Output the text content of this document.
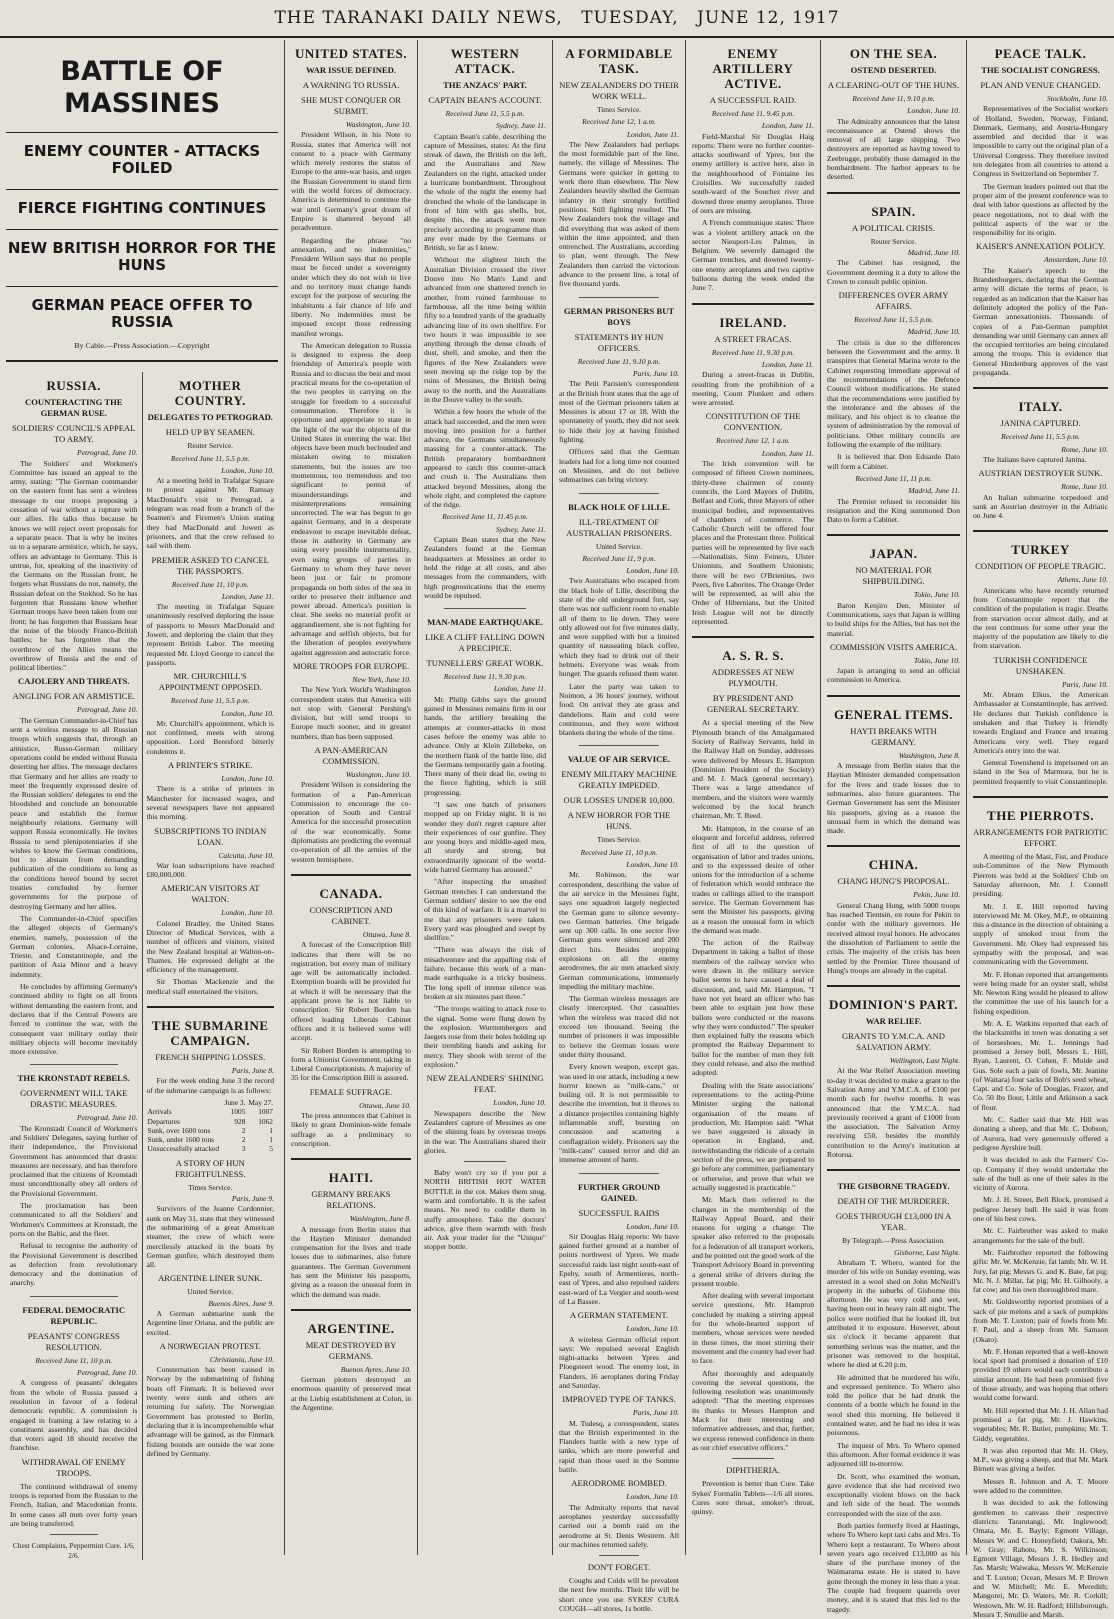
THE TARANAKI DAILY NEWS, TUESDAY, JUNE 12, 1917
BATTLE OF MASSINES
ENEMY COUNTER - ATTACKS FOILED
FIERCE FIGHTING CONTINUES
NEW BRITISH HORROR FOR THE HUNS
GERMAN PEACE OFFER TO RUSSIA
By Cable.—Press Association.—Copyright
RUSSIA.
COUNTERACTING THE GERMAN RUSE.
SOLDIERS' COUNCIL'S APPEAL TO ARMY.
Petrograd, June 10.

The Soldiers' and Workmen's Committee has issued an appeal to the army, stating: "The German commander on the eastern front has sent a wireless message to our troops proposing a cessation of war without a rupture with our allies. He talks thus because he knows we will reject overt proposals for a separate peace. That is why he invites us to a separate armistice, which, he says, offers an advantage to Germany. This is untrue, for, speaking of the inactivity of the Germans on the Russian front, he forgets what Russians do not, namely, the Russian defeat on the Stokhod. So he has forgotten that Russians know whether German troops have been taken from our front; he has forgotten that Russians hear the noise of the bloody Franco-British battles; he has forgotten that the overthrow of the Allies means the overthrow of Russia and the end of political liberties."

CAJOLERY AND THREATS.
ANGLING FOR AN ARMISTICE.
Petrograd, June 10.

The German Commander-in-Chief has sent a wireless message to all Russian troops which suggests that, through an armistice, Russo-German military operations could be ended without Russia deserting her allies. The message declares that Germany and her allies are ready to meet the frequently expressed desire of the Russian soldiers' delegates to end the bloodshed and conclude an honourable peace and establish the former neighbourly relations. Germany will support Russia economically. He invites Russia to send plenipotentiaries if she wishes to know the German conditions, but to abstain from demanding publication of the conditions so long as the conditions hereof bound by secret treaties concluded by former governments for the purpose of destroying Germany and her allies.

The Commander-in-Chief specifies the alleged objects of Germany's enemies, namely, possession of the German colonies, Alsace-Lorraine, Trieste, and Constantinople, and the partition of Asia Minor and a heavy indemnity.

He concludes by affirming Germany's continued ability to fight on all fronts without demanding the eastern front, and declares that if the Central Powers are forced to continue the war, with the consequent vast military outlay their military objects will become inevitably more extensive.

THE KRONSTADT REBELS.
GOVERNMENT WILL TAKE DRASTIC MEASURES.
Petrograd, June 10.

The Kronstadt Council of Workmen's and Soldiers' Delegates, saying further of their independence, the Provisional Government has announced that drastic measures are necessary, and has therefore proclaimed that the citizens of Kronstadt must unconditionally obey all orders of the Provisional Government.

The proclamation has been communicated to all the Soldiers' and Workmen's Committees at Kronstadt, the ports on the Baltic, and the fleet.

Refusal to recognise the authority of the Provisional Government is described as defection from revolutionary democracy and the domination of anarchy.

FEDERAL DEMOCRATIC REPUBLIC.
PEASANTS' CONGRESS RESOLUTION.
Received June 11, 10 p.m.
Petrograd, June 10.

A congress of peasants' delegates from the whole of Russia passed a resolution in favour of a federal democratic republic. A commission is engaged in framing a law relating to a constituent assembly, and has decided that voters aged 18 should receive the franchise.

WITHDRAWAL OF ENEMY TROOPS.

The continued withdrawal of enemy troops is reported from the Russian to the French, Italian, and Macedonian fronts. In some cases all men over forty years are being transferred.

Chest Complaints, Peppermint Cure. 1/6, 2/6.
MOTHER COUNTRY.
DELEGATES TO PETROGRAD.
HELD UP BY SEAMEN.
Reuter Service.
Received June 11, 5.5 p.m.
London, June 10.

At a meeting held in Trafalgar Square to protest against Mr. Ramsay MacDonald's visit to Petrograd, a telegram was read from a branch of the Seamen's and Firemen's Union stating they had MacDonald and Jowett as prisoners, and that the crew refused to sail with them.

PREMIER ASKED TO CANCEL THE PASSPORTS.
Received June 11, 10 p.m.
London, June 11.

The meeting in Trafalgar Square unanimously resolved deploring the issue of passports to Messrs MacDonald and Jowett, and deploring the claim that they represent British Labor. The meeting requested Mr. Lloyd George to cancel the passports.

MR. CHURCHILL'S APPOINTMENT OPPOSED.
Received June 11, 5.5 p.m.
London, June 10.

Mr. Churchill's appointment, which is not confirmed, meets with strong opposition. Lord Beresford bitterly condemns it.

A PRINTER'S STRIKE.
London, June 10.

There is a strike of printers in Manchester for increased wages, and several newspapers have not appeared this morning.

SUBSCRIPTIONS TO INDIAN LOAN.
Calcutta, June 10.

War loan subscriptions have reached £80,000,000.

AMERICAN VISITORS AT WALTON.
London, June 10.

Colonel Bradley, the United States Director of Medical Services, with a number of officers and visitors, visited the New Zealand hospital at Walton-on-Thames. He expressed delight at the efficiency of the management.

Sir Thomas Mackenzie and the medical staff entertained the visitors.

THE SUBMARINE CAMPAIGN.
FRENCH SHIPPING LOSSES.
Paris, June 8.

For the week ending June 3 the record of the submarine campaign is as follows:

	June 3.	May 27.
Arrivals	1005	1007
Departures	928	1062
Sunk, over 1600 tons	2	1
Sunk, under 1600 tons	2	1
Unsuccessfully attacked	3	5
A STORY OF HUN FRIGHTFULNESS.
Times Service.
Paris, June 9.

Survivors of the Jeanne Cordonnier, sunk on May 31, state that they witnessed the submarining of a great American steamer, the crew of which were mercilessly attacked in the boats by German gunfire, which destroyed them all.

ARGENTINE LINER SUNK.
United Service.
Buenos Aires, June 9.

A German submarine sunk the Argentine liner Oriana, and the public are excited.

A NORWEGIAN PROTEST.
Christiania, June 10.

Consternation has been caused in Norway by the submarining of fishing boats off Finmark. It is believed over twenty were sunk and others are returning for safety. The Norwegian Government has protested to Berlin, declaring that it is incomprehensible what advantage will be gained, as the Finmark fishing bounds are outside the war zone defined by Germany.

UNITED STATES.
WAR ISSUE DEFINED.
A WARNING TO RUSSIA.
SHE MUST CONQUER OR SUBMIT.
Washington, June 10.

President Wilson, in his Note to Russia, states that America will not consent to a peace with Germany which merely restores the status of Europe to the ante-war basis, and urges the Russian Government to stand firm with the world forces of democracy. America is determined to continue the war until Germany's great dream of Empire is shattered beyond all peradventure.

Regarding the phrase "no annexation, and no indemnities," President Wilson says that no people must be forced under a sovereignty under which they do not wish to live and no territory must change hands except for the purpose of securing the inhabitants a fair chance of life and liberty. No indemnities must be imposed except those redressing manifest wrongs.

The American delegation to Russia is designed to express the deep friendship of America's people with Russia and to discuss the best and most practical means for the co-operation of the two peoples in carrying on the struggle for freedom to a successful consummation. Therefore it is opportune and appropriate to state in the light of the war the objects of the United States in entering the war. Her objects have been much beclouded and mistaken owing to mistaken statements, but the issues are too momentous, too tremendous and too significant to permit of misunderstandings and misinterpretations remaining uncorrected. The war has begun to go against Germany, and in a desperate endeavour to escape inevitable defeat, those in authority in Germany are using every possible instrumentality, even using groups of parties in Germany to whom they have never been just or fair to promote propaganda on both sides of the sea in order to preserve their influence and power abroad. America's position is clear. She seeks no material profit or aggrandisement, she is not fighting for advantage and selfish objects, but for the liberation of peoples everywhere against aggression and autocratic force.

MORE TROOPS FOR EUROPE.
New York, June 10.

The New York World's Washington correspondent states that America will not stop with General Pershing's division, but will send troops to Europe much sooner, and in greater numbers, than has been supposed.

A PAN-AMERICAN COMMISSION.
Washington, June 10.

President Wilson is considering the formation of a Pan-American Commission to encourage the co-operation of South and Central America for the successful prosecution of the war economically. Some diplomatists are predicting the eventual co-operation of all the armies of the western hemisphere.

CANADA.
CONSCRIPTION AND CABINET.
Ottawa, June 8.

A forecast of the Conscription Bill indicates that there will be no registration, but every man of military age will be automatically included. Exemption boards will be provided for at which it will be necessary that the applicant prove he is not liable to conscription. Sir Robert Borden has offered leading Liberals Cabinet offices and it is believed some will accept.

Sir Robert Borden is attempting to form a Unionist Government, taking in Liberal Conscriptionists. A majority of 35 for the Conscription Bill is assured.

FEMALE SUFFRAGE.
Ottawa, June 10.

The press announces that Cabinet is likely to grant Dominion-wide female suffrage as a preliminary to conscription.

HAITI.
GERMANY BREAKS RELATIONS.
Washington, June 8.

A message from Berlin states that the Haytien Minister demanded compensation for the lives and trade losses due to submarines, also future guarantees. The German Government has sent the Minister his passports, giving as a reason the unusual form in which the demand was made.

ARGENTINE.
MEAT DESTROYED BY GERMANS.
Buenos Ayres, June 10.

German plotters destroyed an enormous quantity of preserved meat at the Liebig establishment at Colon, in the Argentine.

WESTERN ATTACK.
THE ANZACS' PART.
CAPTAIN BEAN'S ACCOUNT.
Received June 11, 5.5 p.m.
Sydney, June 11.

Captain Bean's cable, describing the capture of Messines, states: At the first streak of dawn, the British on the left, and the Australians and New Zealanders on the right, attacked under a hurricane bombardment. Throughout the whole of the night the enemy had drenched the whole of the landscape in front of him with gas shells, but, despite this, the attack went more precisely according to programme than any ever made by the Germans or British, so far as I know.

Without the slightest hitch the Australian Division crossed the river Douve into No Man's Land and advanced from one shattered trench to another, from ruined farmhouse to farmhouse, all the time being within fifty to a hundred yards of the gradually advancing line of its own shellfire. For two hours it was impossible to see anything through the dense clouds of dust, shell, and smoke, and then the figures of the New Zealanders were seen moving up the ridge top by the ruins of Messines, the British being away to the north, and the Australians in the Douve valley to the south.

Within a few hours the whole of the attack had succeeded, and the men were moving into position for a further advance, the Germans simultaneously massing for a counter-attack. The British preparatory bombardment appeared to catch this counter-attack and crush it. The Australians then attacked beyond Messines, along the whole right, and completed the capture of the ridge.

Received June 11, 11.45 p.m.
Sydney, June 11.

Captain Bean states that the New Zealanders found at the German headquarters at Messines an order to hold the ridge at all costs, and also messages from the commanders, with high prognostications that the enemy would be repulsed.

MAN-MADE EARTHQUAKE.
LIKE A CLIFF FALLING DOWN A PRECIPICE.
TUNNELLERS' GREAT WORK.
Received June 11, 9.30 p.m.
London, June 11.

Mr. Philip Gibbs says the ground gained in Messines remains firm in our hands, the artillery breaking the attempts at counter-attacks in most cases before the enemy was able to advance. Only at Klein Zillebeke, on the northern flank of the battle line, did the Germans temporarily gain a footing. There many of their dead lie, owing to the fierce fighting, which is still progressing.

"I saw one batch of prisoners mopped up on Friday night. It is no wonder they don't regret capture after their experiences of our gunfire. They are young boys and middle-aged men, all sturdy and strong, but extraordinarily ignorant of the world-wide hatred Germany has aroused."

"After inspecting the smashed German trenches I can understand the German soldiers' desire to see the end of this kind of warfare. It is a marvel to me that any prisoners were taken. Every yard was ploughed and swept by shellfire."

"There was always the risk of misadventure and the appalling risk of failure, because this work of a man-made earthquake is a tricky business. The long spell of intense silence was broken at six minutes past three."

"The troops waiting to attack rose to the signal. Some were flung down by the explosion. Wurttembergers and Jaegers rose from their holes holding up their trembling hands and asking for mercy. They shook with terror of the explosion."

NEW ZEALANDERS' SHINING FEAT.
London, June 10.

Newspapers describe the New Zealanders' capture of Messines as one of the shining feats by overseas troops in the war. The Australians shared their glories.

Baby won't cry so if you put a NORTH BRITISH HOT WATER BOTTLE in the cot. Makes them snug, warm and comfortable. It is the safest means. No need to coddle them in stuffy atmosphere. Take the doctors' advice, give them warmth with fresh air. Ask your trader for the "Unique" stopper bottle.

A FORMIDABLE TASK.
NEW ZEALANDERS DO THEIR WORK WELL.
Times Service.
Received June 12, 1 a.m.
London, June 11.

The New Zealanders had perhaps the most formidable part of the line, namely, the village of Messines. The Germans were quicker in getting to work there than elsewhere. The New Zealanders heavily shelled the German infantry in their strongly fortified positions. Still fighting resulted. The New Zealanders took the village and did everything that was asked of them within the time appointed, and then entrenched. The Australians, according to plan, went through. The New Zealanders then carried the victorious advance to the present line, a total of five thousand yards.

GERMAN PRISONERS BUT BOYS
STATEMENTS BY HUN OFFICERS.
Received June 11, 9.10 p.m.
Paris, June 10.

The Petit Parisien's correspondent at the British front states that the age of most of the German prisoners taken at Messines is about 17 or 18. With the spontaneity of youth, they did not seek to hide their joy at having finished fighting.

Officers said that the German leaders had for a long time not counted on Messines, and do not believe submarines can bring victory.

BLACK HOLE OF LILLE.
ILL-TREATMENT OF AUSTRALIAN PRISONERS.
United Service.
Received June 11, 9 p.m.
London, June 10.

Two Australians who escaped from the black hole of Lille, describing the state of the old underground fort, say there was not sufficient room to enable all of them to lie down. They were only allowed out for five minutes daily, and were supplied with but a limited quantity of nauseating black coffee, which they had to drink out of their helmets. Everyone was weak from hunger. The guards refused them water.

Later the party was taken to Noimon, a 36 hours' journey, without food. On arrival they ate grass and dandelions. Rain and cold were continuous, and they were without blankets during the whole of the time.

VALUE OF AIR SERVICE.
ENEMY MILITARY MACHINE GREATLY IMPEDED.
OUR LOSSES UNDER 10,000.
A NEW HORROR FOR THE HUNS.
Times Service.
Received June 11, 10 p.m.
London, June 10.

Mr. Robinson, the war correspondent, describing the value of the air service in the Messines fight, says one squadron largely neglected the German guns to silence seventy-two German batteries. One brigade sent up 300 calls. In one sector five German guns were silenced and 200 direct hits. Besides stopping explosions on all the enemy aerodromes, the air men attacked sixty German communications, immensely impeding the military machine.

The German wireless messages are clearly intercepted. Our casualties when the wireless was traced did not exceed ten thousand. Seeing the number of prisoners it was impossible to believe the German losses were under thirty thousand.

Every known weapon, except gas, was used in our attack, including a new horror known as "milk-cans," or boiling oil. It is not permissible to describe the invention, but it throws to a distance projectiles containing highly inflammable stuff, bursting on concussion and scattering a conflagration widely. Prisoners say the "milk-cans" caused terror and did an immense amount of harm.

FURTHER GROUND GAINED.
SUCCESSFUL RAIDS
London, June 10.

Sir Douglas Haig reports: We have gained further ground at a number of points northwest of Ypres. We made successful raids last night south-east of Epehy, south of Armentieres, north-east of Ypres, and also repulsed raiders east-ward of La Vergier and south-west of La Bassee.

A GERMAN STATEMENT.
London, June 10.

A wireless German official report says: We repulsed several English night-attacks between Ypres and Ploegsteert wood. The enemy lost, in Flanders, 16 aeroplanes during Friday and Saturday.

IMPROVED TYPE OF TANKS.
Paris, June 10.

M. Tudesq, a correspondent, states that the British experimented in the Flanders battle with a new type of tanks, which are more powerful and rapid than those used in the Somme battle.

AERODROME BOMBED.
London, June 10.

The Admiralty reports that naval aeroplanes yesterday successfully carried out a bomb raid on the aerodrome at St. Denis Westrem. All our machines returned safely.

DON'T FORGET.

Coughs and Colds will be prevalent the next few months. Their life will be short once you use SYKES' CURA COUGH—all stores, 1s bottle.

ENEMY ARTILLERY ACTIVE.
A SUCCESSFUL RAID.
Received June 11, 9.45 p.m.
London, June 11.

Field-Marshal Sir Douglas Haig reports: There were no further counter-attacks southward of Ypres, but the enemy artillery is active here, also in the neighbourhood of Fontaine les Croisilles. We successfully raided south-ward of the Souchez river and downed three enemy aeroplanes. Three of ours are missing.

A French communique states: There was a violent artillery attack on the sector Nieuport-Les Palmes, in Belgium. We severely damaged the German trenches, and downed twenty-one enemy aeroplanes and two captive balloons during the week ended the June 7.

IRELAND.
A STREET FRACAS.
Received June 11, 9.30 p.m.
London, June 11.

During a street-fracas in Dublin, resulting from the prohibition of a meeting, Count Plunkett and others were arrested.

CONSTITUTION OF THE CONVENTION.
Received June 12, 1 a.m.
London, June 11.

The Irish convention will be composed of fifteen Crown nominees, thirty-three chairmen of county councils, the Lord Mayors of Dublin, Belfast and Cork, three Mayors of other municipal bodies, and representatives of chambers of commerce. The Catholic Church will be offered four places and the Protestant three. Political parties will be represented by five each—Nationalists, Sinn Feiners, Ulster Unionists, and Southern Unionists; there will be two O'Brienites, two Peers, five Laborites. The Orange Order will be represented, as will also the Order of Hibernians, but the United Irish League will not be directly represented.

A. S. R. S.
ADDRESSES AT NEW PLYMOUTH.
BY PRESIDENT AND GENERAL SECRETARY.

At a special meeting of the New Plymouth branch of the Amalgamated Society of Railway Servants, held in the Railway Hall on Sunday, addresses were delivered by Messrs E. Hampton (Dominion President of the Society) and M. J. Mack (general secretary). There was a large attendance of members, and the visitors were warmly welcomed by the local branch chairman, Mr. T. Reed.

Mr. Hampton, in the course of an eloquent and forceful address, referred first of all to the question of organisation of labor and trades unions, and to the expressed desire of other unions for the introduction of a scheme of federation which would embrace the trades or callings allied to the transport service. The German Government has sent the Minister his passports, giving as a reason the unusual form in which the demand was made.

The action of the Railway Department in taking a ballot of those members of the railway service who were drawn in the military service ballot seems to have caused a deal of discussion, and, said Mr. Hampton, "I have not yet heard an officer who has been able to explain just how these ballots were conducted or the reasons why they were conducted." The speaker then explained fully the reasons which prompted the Railway Department to ballot for the number of men they felt they could release, and also the method adopted.

Dealing with the State associations' representations to the acting-Prime Minister urging the national organisation of the means of production, Mr. Hampton said: "What we have suggested is already in operation in England, and, notwithstanding the ridicule of a certain section of the press, we are prepared to go before any committee, parliamentary or otherwise, and prove that what we actually suggested is practicable."

Mr. Mack then referred to the changes in the membership of the Railway Appeal Board, and their reasons for urging a change. The speaker also referred to the proposals for a federation of all transport workers, and he pointed out the good work of the Transport Advisory Board in preventing a general strike of drivers during the present trouble.

After dealing with several important service questions, Mr. Hampton concluded by making a stirring appeal for the whole-hearted support of members, whose services were needed in these times, the most stirring their movement and the country had ever had to face.

After thoroughly and adequately covering the several questions, the following resolution was unanimously adopted: "That the meeting expresses its thanks to Messrs Hampton and Mack for their interesting and informative addresses, and that, further, we express renewed confidence in them as our chief executive officers."

DIPHTHERIA.

Prevention is better than Cure. Take Sykes' Formalin Tablets—1/6 all stores. Cures sore throat, smoker's throat, quinsy.

ON THE SEA.
OSTEND DESERTED.
A CLEARING-OUT OF THE HUNS.
Received June 11, 9.10 p.m.
London, June 10.

The Admiralty announces that the latest reconnaissance at Ostend shows the removal of all large shipping. Two destroyers are reported as having towed to Zeebrugge, probably those damaged in the bombardment. The harbor appears to be deserted.

SPAIN.
A POLITICAL CRISIS.
Reuter Service.
Madrid, June 10.

The Cabinet has resigned, the Government deeming it a duty to allow the Crown to consult public opinion.

DIFFERENCES OVER ARMY AFFAIRS.
Received June 11, 5.5 p.m.
Madrid, June 10.

The crisis is due to the differences between the Government and the army. It transpires that General Marina wrote to the Cabinet requesting immediate approval of the recommendations of the Defence Council without modifications. He stated that the recommendations were justified by the intolerance and the abuses of the military, and his object is to cleanse the system of administration by the removal of politicians. Other military councils are following the example of the military.

It is believed that Don Eduardo Dato will form a Cabinet.

Received June 11, 11 p.m.
Madrid, June 11.

The Premier refused to reconsider his resignation and the King summoned Don Dato to form a Cabinet.

JAPAN.
NO MATERIAL FOR SHIPBUILDING.
Tokio, June 10.

Baron Kenjiro Den, Minister of Communications, says that Japan is willing to build ships for the Allies, but has not the material.

COMMISSION VISITS AMERICA.
Tokio, June 10.

Japan is arranging to send an official commission to America.

GENERAL ITEMS.
HAYTI BREAKS WITH GERMANY.
Washington, June 8.

A message from Berlin states that the Haytian Minister demanded compensation for the lives and trade losses due to submarines, also future guarantees. The German Government has sent the Minister his passports, giving as a reason the unusual form in which the demand was made.

CHINA.
CHANG HUNG'S PROPOSAL.
Pekin, June 10.

General Chang Hung, with 5000 troops has reached Tientsin, en route for Pekin to confer with the military governors. He received almost royal honors. He advocates the dissolution of Parliament to settle the crisis. The majority of the crisis has been settled by the Premier. Three thousand of Hung's troops are already in the capital.

DOMINION'S PART.
WAR RELIEF.
GRANTS TO Y.M.C.A. AND SALVATION ARMY.
Wellington, Last Night.

At the War Relief Association meeting to-day it was decided to make a grant to the Salvation Army and Y.M.C.A. of £100 per month each for twelve months. It was announced that the Y.M.C.A. had previously received a grant of £1000 from the association. The Salvation Army receiving £50, besides the monthly contribution to the Army's institution at Rotorua.

THE GISBORNE TRAGEDY.
DEATH OF THE MURDERER.
GOES THROUGH £13,000 IN A YEAR.
By Telegraph.—Press Association.
Gisborne, Last Night.

Abraham T. Whero, wanted for the murder of his wife on Sunday evening, was arrested in a wool shed on John McNeill's property in the suburbs of Gisborne this afternoon. He was very cold and wet, having been out in heavy rain all night. The police were notified that he looked ill, but attributed it to exposure. However, about six o'clock it became apparent that something serious was the matter, and the prisoner was removed to the hospital, where he died at 6.20 p.m.

He admitted that he murdered his wife, and expressed penitence. To Whero also told the police that he had drunk the contents of a bottle which he found in the wool shed this morning. He believed it contained water, and he had no idea it was poisonous.

The inquest of Mrs. To Whero opened this afternoon. After formal evidence it was adjourned till to-morrow.

Dr. Scott, who examined the woman, gave evidence that she had received two exceptionally violent blows on the back and left side of the head. The wounds corresponded with the size of the axe.

Both parties formerly lived at Hastings, where To Whero kept taxi cabs and Mrs. To Whero kept a restaurant. To Whero about seven years ago received £13,000 as his share of the purchase money of the Waimarama estate. He is stated to have gone through the money in less than a year. The couple had frequent quarrels over money, and it is stated that this led to the tragedy.

PEACE TALK.
THE SOCIALIST CONGRESS.
PLAN AND VENUE CHANGED.
Stockholm, June 10.

Representatives of the Socialist workers of Holland, Sweden, Norway, Finland, Denmark, Germany, and Austria-Hungary assembled and decided that it was impossible to carry out the original plan of a Universal Congress. They therefore invited ten delegates from all countries to attend a Congress in Switzerland on September 7.

The German leaders pointed out that the proper aim of the present conference was to deal with labor questions as affected by the peace negotiations, not to deal with the political aspects of the war or the responsibility for its origin.

KAISER'S ANNEXATION POLICY.
Amsterdam, June 10.

The Kaiser's speech to the Brandenburgers, declaring that the German army will dictate the terms of peace, is regarded as an indication that the Kaiser has definitely adopted the policy of the Pan-German annexationists. Thousands of copies of a Pan-German pamphlet demanding war until Germany can annex all the occupied territories are being circulated among the troops. This is evidence that General Hindenburg approves of the vast propaganda.

ITALY.
JANINA CAPTURED.
Received June 11, 5.5 p.m.
Rome, June 10.

The Italians have captured Janina.

AUSTRIAN DESTROYER SUNK.
Rome, June 10.

An Italian submarine torpedoed and sank an Austrian destroyer in the Adriatic on June 4.

TURKEY
CONDITION OF PEOPLE TRAGIC.
Athens, June 10.

Americans who have recently returned from Constantinople report that the condition of the population is tragic. Deaths from starvation occur almost daily, and at the rest continues for some other year the majority of the population are likely to die from starvation.

TURKISH CONFIDENCE UNSHAKEN.
Paris, June 10.

Mr. Abram Elkus, the American Ambassador at Constantinople, has arrived. He declares that Turkish confidence is unshaken and that Turkey is friendly towards England and France and treating Americans very well. They regard America's entry into the war.

General Townshend is imprisoned on an island in the Sea of Marmora, but he is permitted frequently to visit Constantinople.

THE PIERROTS.
ARRANGEMENTS FOR PATRIOTIC EFFORT.

A meeting of the Mast, Fist, and Produce sub-Committee of the New Plymouth Pierrots was held at the Soldiers' Club on Saturday afternoon, Mr. J. Connell presiding.

Mr. J. E. Hill reported having interviewed Mr. M. Okey, M.P., re obtaining this a distance in the direction of obtaining a supply of smoked trout from the Government. Mr. Okey had expressed his sympathy with the proposal, and was communicating with the Government.

Mr. F. Honan reported that arrangements were being made for an oyster stall, whilst Mr. Newton King would be pleased to allow the committee the use of his launch for a fishing expedition.

Mr. A. E. Watkins reported that each of the blacksmiths in town was donating a set of horseshoes, Mr. L. Jennings had promised a Jersey bull, Messrs L. Hill, Ryan, Laurent, O. Cohen, F. Molde and Gus. Sole each a pair of fowls, Mr. Jeanine (of Waitara) four sacks of Bob's seed wheat, Capt. and Co. Sole of Douglas, Frazer, and Co. 50 lbs flour, Little and Atkinson a sack of flour.

Mr. C. Sadler said that Mr. Hill was donating a sheep, and that Mr. C. Dobson, of Aurora, had very generously offered a pedigree Ayrshire bull.

It was decided to ask the Farmers' Co-op. Company if they would undertake the sale of the bull as one of their sales in the vicinity of Aurora.

Mr. J. H. Street, Bell Block, promised a pedigree Jersey bull. He said it was from one of his best cows.

Mr. C. Fairbrother was asked to make arrangements for the sale of the bull.

Mr. Fairbrother reported the following gifts: Mr. W. McKenzie, fat lamb; Mr. W. H. Jury, fat pig; Messrs G. and K. Bate, fat pig; Mr. N. J. Millar, fat pig; Mr. H. Gilhooly, a fat cow; and his own thoroughbred mare.

Mr. Goldsworthy reported promises of a sack of pie melons and a sack of pumpkins from Mr. T. Luxton; pair of fowls from Mr. F. Paul, and a sheep from Mr. Samson (Okato).

Mr. F. Honan reported that a well-known local sport had promised a donation of £10 provided 19 others would each contribute a similar amount. He had been promised five of those already, and was hoping that others would come forward.

Mr. Hill reported that Mr. J. H. Allan had promised a fat pig, Mr. J. Hawkins, vegetables; Mr. R. Butler, pumpkins; Mr. T. Giddy, vegetables.

It was also reported that Mr. H. Okey, M.P., was giving a sheep, and that Mr. Mark Birnett was giving a heifer.

Messrs R. Johnson and A. T. Moore were added to the committee.

It was decided to ask the following gentlemen to canvass their respective districts: Tararutangi, Mr. Inglewood; Omata, Mr. E. Bayly; Egmont Village, Messrs W. and C. Honeyfield; Oakura, Mr. W. Gray; Rahotu, Mr. S. Wilkinson; Egmont Village, Messrs J. R. Hedley and Jas. Marsh; Waiwaka, Messrs W. McKenzie and T. Luxton; Ocean, Messrs M. P. Brown and W. Mitchell; Mr. E. Meredith; Mangorei, Mr. D. Waters, Mr. R. Corkill; Westown, Mr. W. H. Radford; Hillsborough, Messrs T. Smullie and Marsh.
